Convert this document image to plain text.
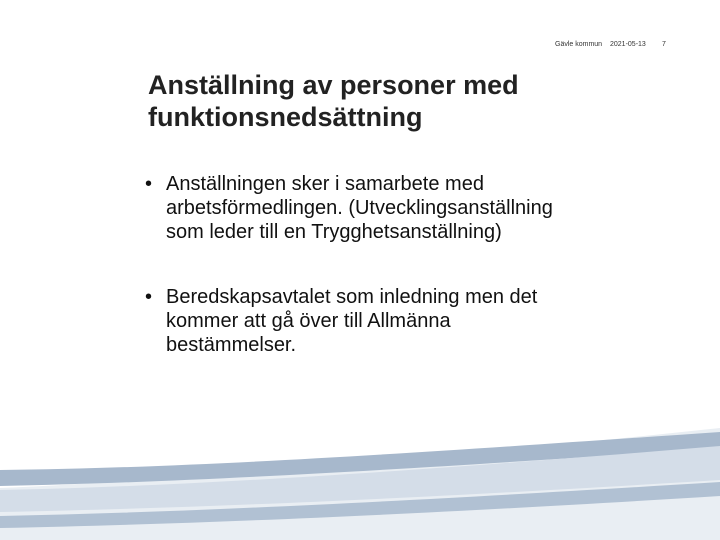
Gävle kommun 2021-05-13 7
Anställning av personer med
funktionsnedsättning
• Anställningen sker i samarbete med
arbetsförmedlingen. (Utvecklingsanställning
som leder till en Trygghetsanställning)
• Beredskapsavtalet som inledning men det
kommer att gå över till Allmänna
bestämmelser.
